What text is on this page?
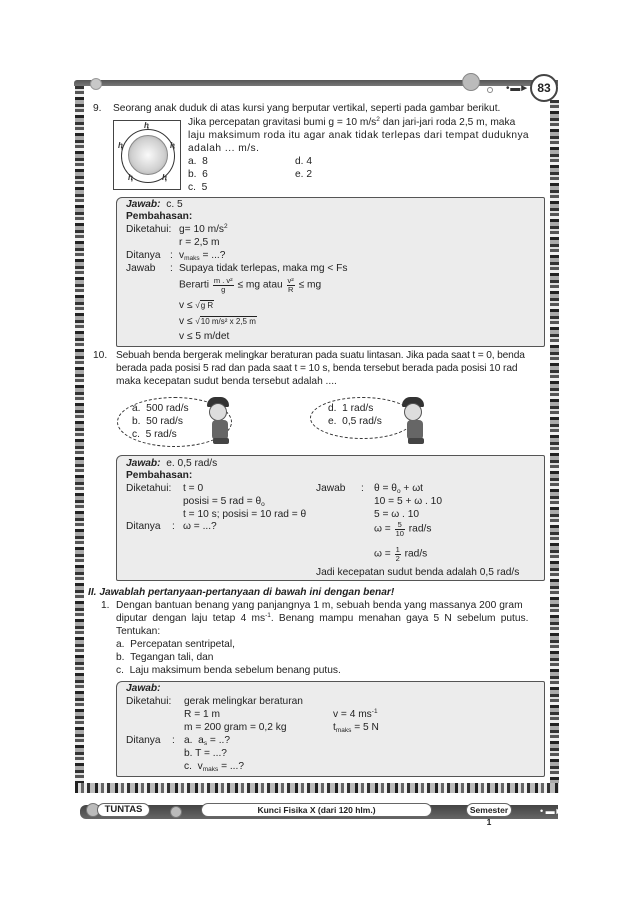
• ▬► 83
9. Seorang anak duduk di atas kursi yang berputar vertikal, seperti pada gambar berikut.
ⱨ
ⱨ	ⱨ
ⱨ	ⱨ
Jika percepatan gravitasi bumi g = 10 $m/s^2$ dan jari-jari roda 2,5 m, maka
laju maksimum roda itu agar anak tidak terlepas dari tempat duduknya
adalah ... m/s.
a. 8
b. 6
c. 5
d. 4
e. 2
Jawab: c. 5
Pembahasan:
Diketahui: g= 10 $m/s^2$
r = 2,5 m
Ditanya : $v_{maks}$ = ...?
Jawab : Supaya tidak terlepas, maka mg < Fs
Berarti $\frac{\text{m . v²}}{g}$ ≤ mg atau $\frac{\text{v²}}{R}$ ≤ mg
v ≤ √g R
v ≤ √10 m/s² x 2,5 m
v ≤ 5 m/det
10. Sebuah benda bergerak melingkar beraturan pada suatu lintasan. Jika pada saat t = 0, benda
berada pada posisi 5 rad dan pada saat t = 10 s, benda tersebut berada pada posisi 10 rad
maka kecepatan sudut benda tersebut adalah ....
a. 500 rad/s
b. 50 rad/s
c. 5 rad/s
d. 1 rad/s
e. 0,5 rad/s
Jawab: e. 0,5 rad/s
Pembahasan:
Diketahui: t = 0
posisi = 5 rad = $\theta_o$
t = 10 s; posisi = 10 rad = θ
Ditanya : ω = ...?
Jawab : $\theta = \theta_o + \omega t$
10 = 5 + ω . 10
5 = ω . 10
$\omega = \frac{5}{10} rad/s$
$\omega = \frac{1}{2} rad/s$
Jadi kecepatan sudut benda adalah 0,5 rad/s
II. Jawablah pertanyaan-pertanyaan di bawah ini dengan benar!
1. Dengan bantuan benang yang panjangnya 1 m, sebuah benda yang massanya 200 gram
diputar dengan laju tetap 4 $ms^{-1}$. Benang mampu menahan gaya 5 N sebelum putus.
Tentukan:
a. Percepatan sentripetal,
b. Tegangan tali, dan
c. Laju maksimum benda sebelum benang putus.
Jawab:
Diketahui: gerak melingkar beraturan
R = 1 m
m = 200 gram = 0,2 kg
v = 4 $ms^{-1}$
$t_{maks} = 5$ N
Ditanya : a. $a_s$ = ..?
b. T = ...?
c. $v_{maks}$ = ...?
TUNTAS	Kunci Fisika X (dari 120 hlm.)	Semester 1
• ▬►
